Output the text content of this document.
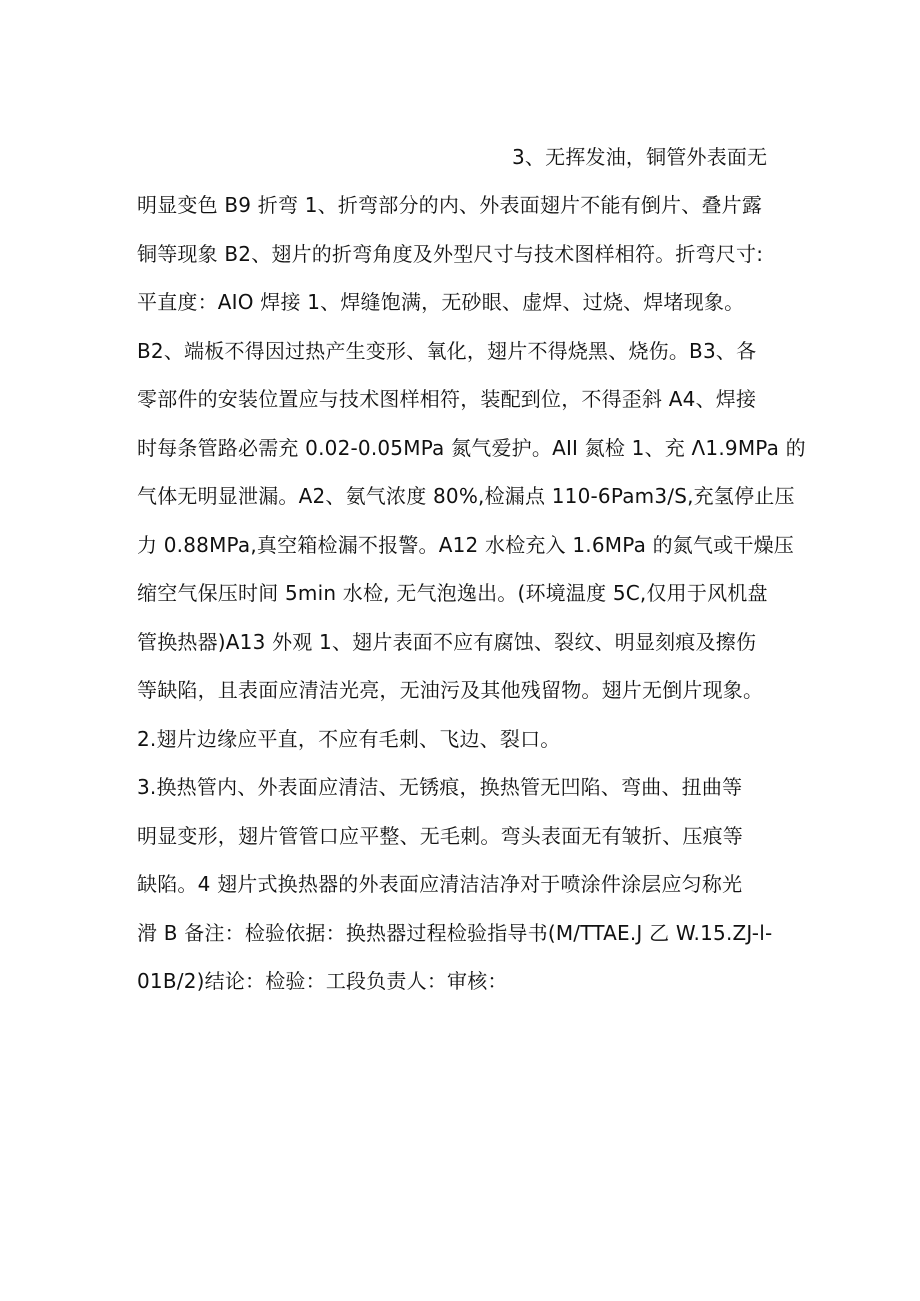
3、无挥发油，铜管外表面无
明显变色 B9 折弯 1、折弯部分的内、外表面翅片不能有倒片、叠片露
铜等现象 B2、翅片的折弯角度及外型尺寸与技术图样相符。折弯尺寸:
平直度：AIO 焊接 1、焊缝饱满，无砂眼、虚焊、过烧、焊堵现象。
B2、端板不得因过热产生变形、氧化，翅片不得烧黑、烧伤。B3、各
零部件的安装位置应与技术图样相符，装配到位，不得歪斜 A4、焊接
时每条管路必需充 0.02-0.05MPa 氮气爱护。AII 氮检 1、充 Λ1.9MPa 的
气体无明显泄漏。A2、氨气浓度 80%,检漏点 110-6Pam3∕S,充氢停止压
力 0.88MPa,真空箱检漏不报警。A12 水检充入 1.6MPa 的氮气或干燥压
缩空气保压时间 5min 水检, 无气泡逸出。(环境温度 5C,仅用于风机盘
管换热器)A13 外观 1、翅片表面不应有腐蚀、裂纹、明显刻痕及擦伤
等缺陷，且表面应清洁光亮，无油污及其他残留物。翅片无倒片现象。
2.翅片边缘应平直，不应有毛刺、飞边、裂口。
3.换热管内、外表面应清洁、无锈痕，换热管无凹陷、弯曲、扭曲等
明显变形，翅片管管口应平整、无毛刺。弯头表面无有皱折、压痕等
缺陷。4 翅片式换热器的外表面应清洁洁净对于喷涂件涂层应匀称光
滑 B 备注：检验依据：换热器过程检验指导书(M/TTAE.J 乙 W.15.ZJ-l-
01B/2)结论：检验：工段负责人：审核：
